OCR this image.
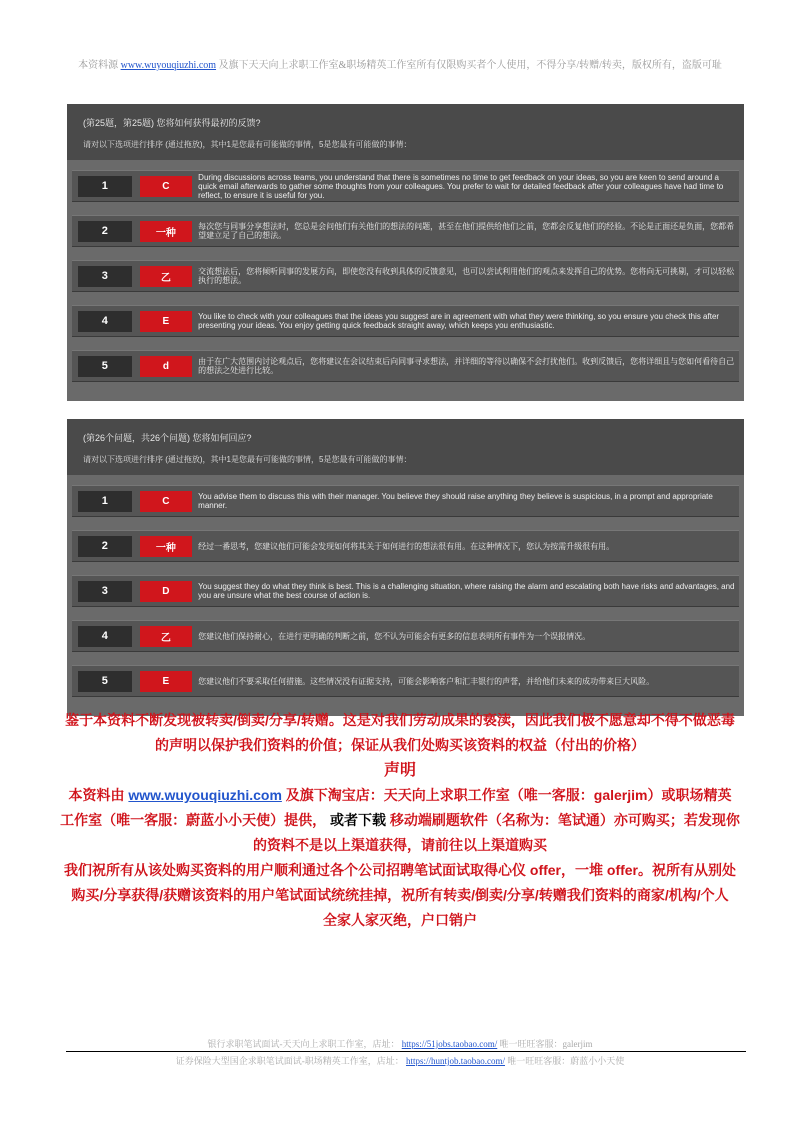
本资料源 www.wuyouqiuzhi.com 及旗下天天向上求职工作室&职场精英工作室所有仅限购买者个人使用，不得分享/转赠/转卖，版权所有，盗版可耻
(第25题，第25题) 您将如何获得最初的反馈?
请对以下选项进行排序 (通过拖放)，其中1是您最有可能做的事情，5是您最有可能做的事情：
1	C
During discussions across teams, you understand that there is sometimes no time to get feedback on your ideas, so you are keen to send around a quick email afterwards to gather some thoughts from your colleagues. You prefer to wait for detailed feedback after your colleagues have had time to reflect, to ensure it is useful for you.
2	一种
每次您与同事分享想法时，您总是会问他们有关他们的想法的问题，甚至在他们提供给他们之前，您都会反复他们的经验。不论是正面还是负面，您都希望建立足了自己的想法。
3	乙
交流想法后，您将倾听同事的发展方向，即使您没有收到具体的反馈意见，也可以尝试利用他们的观点来发挥自己的优势。您将向无可挑剔，才可以轻松执行的想法。
4	E	You like to check with your colleagues that the ideas you suggest are in agreement with what they were thinking, so you ensure you check this after presenting your ideas. You enjoy getting quick feedback straight away, which keeps you enthusiastic.
5	d	由于在广大范围内讨论观点后，您将建议在会议结束后向同事寻求想法，并详细的等待以确保不会打扰他们。收到反馈后，您将详细且与您如何看待自己的想法之处进行比较。
(第26个问题，共26个问题) 您将如何回应?
请对以下选项进行排序 (通过拖放)，其中1是您最有可能做的事情，5是您最有可能做的事情：
1	C	You advise them to discuss this with their manager. You believe they should raise anything they believe is suspicious, in a prompt and appropriate manner.
2	一种	经过一番思考，您建议他们可能会发现如何将其关于如何进行的想法很有用。在这种情况下，您认为按需升级很有用。
3	D	You suggest they do what they think is best. This is a challenging situation, where raising the alarm and escalating both have risks and advantages, and you are unsure what the best course of action is.
4	乙	您建议他们保持耐心，在进行更明确的判断之前，您不认为可能会有更多的信息表明所有事件为一个误报情况。
5	E	您建议他们不要采取任何措施。这些情况没有证据支持，可能会影响客户和汇丰银行的声誉，并给他们未来的成功带来巨大风险。
鉴于本资料不断发现被转卖/倒卖/分享/转赠。这是对我们劳动成果的亵渎，因此我们极不愿意却不得不做恶毒
的声明以保护我们资料的价值；保证从我们处购买该资料的权益（付出的价格）
声明
本资料由 www.wuyouqiuzhi.com 及旗下淘宝店：天天向上求职工作室（唯一客服：galerjim）或职场精英
工作室（唯一客服：蔚蓝小小天使）提供， 或者下载 移动端刷题软件（名称为：笔试通）亦可购买；若发现你
的资料不是以上渠道获得，请前往以上渠道购买
我们祝所有从该处购买资料的用户顺利通过各个公司招聘笔试面试取得心仪 offer，一堆 offer。祝所有从别处
购买/分享获得/获赠该资料的用户笔试面试统统挂掉，祝所有转卖/倒卖/分享/转赠我们资料的商家/机构/个人
全家人家灭绝，户口销户
银行求职笔试面试-天天向上求职工作室，店址： https://51jobs.taobao.com/ 唯一旺旺客服：galerjim
证券保险大型国企求职笔试面试-职场精英工作室，店址： https://huntjob.taobao.com/ 唯一旺旺客服：蔚蓝小小天使
